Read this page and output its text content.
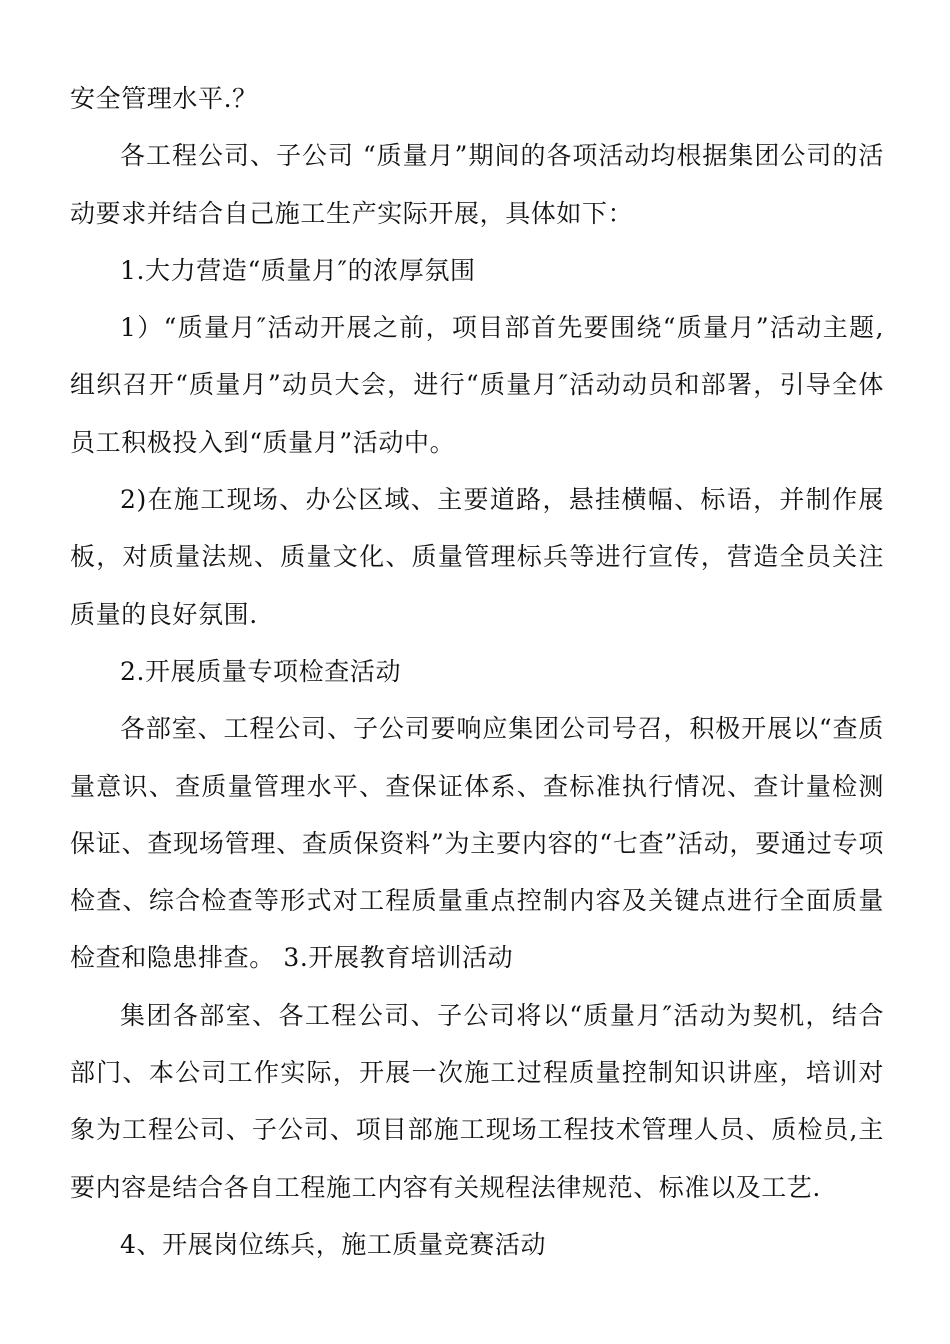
安全管理水平.？

各工程公司、子公司 “质量月”期间的各项活动均根据集团公司的活动要求并结合自己施工生产实际开展，具体如下：

1.大力营造“质量月″的浓厚氛围

1）“质量月″活动开展之前，项目部首先要围绕“质量月”活动主题,组织召开“质量月”动员大会，进行“质量月″活动动员和部署，引导全体员工积极投入到“质量月”活动中。

2)在施工现场、办公区域、主要道路，悬挂横幅、标语，并制作展板，对质量法规、质量文化、质量管理标兵等进行宣传，营造全员关注质量的良好氛围.

2.开展质量专项检查活动

各部室、工程公司、子公司要响应集团公司号召，积极开展以“查质量意识、查质量管理水平、查保证体系、查标准执行情况、查计量检测保证、查现场管理、查质保资料”为主要内容的“七查”活动，要通过专项检查、综合检查等形式对工程质量重点控制内容及关键点进行全面质量检查和隐患排查。 3.开展教育培训活动

集团各部室、各工程公司、子公司将以“质量月″活动为契机，结合部门、本公司工作实际，开展一次施工过程质量控制知识讲座，培训对象为工程公司、子公司、项目部施工现场工程技术管理人员、质检员,主要内容是结合各自工程施工内容有关规程法律规范、标准以及工艺.

4、开展岗位练兵，施工质量竞赛活动
